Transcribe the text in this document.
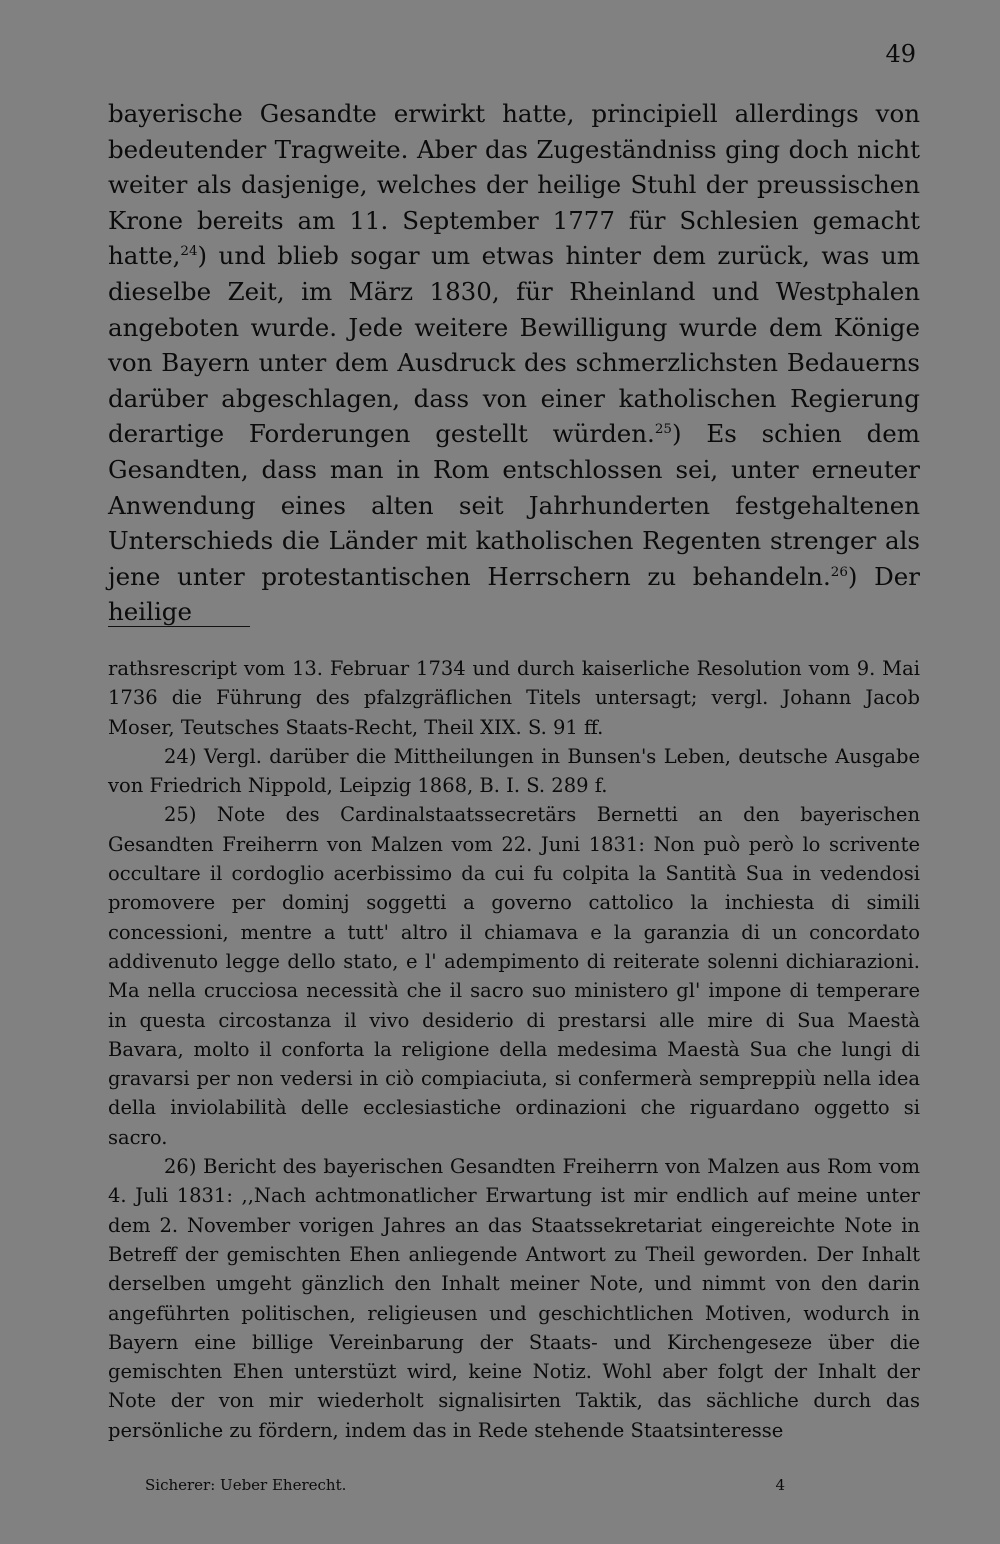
49

bayerische Gesandte erwirkt hatte, principiell allerdings von bedeutender Tragweite. Aber das Zugeständniss ging doch nicht weiter als dasjenige, welches der heilige Stuhl der preussischen Krone bereits am 11. September 1777 für Schlesien gemacht hatte,$^{24}$) und blieb sogar um etwas hinter dem zurück, was um dieselbe Zeit, im März 1830, für Rheinland und Westphalen angeboten wurde. Jede weitere Bewilligung wurde dem Könige von Bayern unter dem Ausdruck des schmerzlichsten Bedauerns darüber abgeschlagen, dass von einer katholischen Regierung derartige Forderungen gestellt würden.$^{25}$) Es schien dem Gesandten, dass man in Rom entschlossen sei, unter erneuter Anwendung eines alten seit Jahrhunderten festgehaltenen Unterschieds die Länder mit katholischen Regenten strenger als jene unter protestantischen Herrschern zu behandeln.$^{26}$) Der heilige

rathsrescript vom 13. Februar 1734 und durch kaiserliche Resolution vom 9. Mai 1736 die Führung des pfalzgräflichen Titels untersagt; vergl. Johann Jacob Moser, Teutsches Staats-Recht, Theil XIX. S. 91 ff.

24) Vergl. darüber die Mittheilungen in Bunsen's Leben, deutsche Ausgabe von Friedrich Nippold, Leipzig 1868, B. I. S. 289 f.

25) Note des Cardinalstaatssecretärs Bernetti an den bayerischen Gesandten Freiherrn von Malzen vom 22. Juni 1831: Non può però lo scrivente occultare il cordoglio acerbissimo da cui fu colpita la Santità Sua in vedendosi promovere per dominj soggetti a governo cattolico la inchiesta di simili concessioni, mentre a tutt' altro il chiamava e la garanzia di un concordato addivenuto legge dello stato, e l' adempimento di reiterate solenni dichiarazioni. Ma nella crucciosa necessità che il sacro suo ministero gl' impone di temperare in questa circostanza il vivo desiderio di prestarsi alle mire di Sua Maestà Bavara, molto il conforta la religione della medesima Maestà Sua che lungi di gravarsi per non vedersi in ciò compiaciuta, si confermerà sempreppiù nella idea della inviolabilità delle ecclesiastiche ordinazioni che riguardano oggetto si sacro.

26) Bericht des bayerischen Gesandten Freiherrn von Malzen aus Rom vom 4. Juli 1831: ,,Nach achtmonatlicher Erwartung ist mir endlich auf meine unter dem 2. November vorigen Jahres an das Staatssekretariat eingereichte Note in Betreff der gemischten Ehen anliegende Antwort zu Theil geworden. Der Inhalt derselben umgeht gänzlich den Inhalt meiner Note, und nimmt von den darin angeführten politischen, religieusen und geschichtlichen Motiven, wodurch in Bayern eine billige Vereinbarung der Staats- und Kirchengeseze über die gemischten Ehen unterstüzt wird, keine Notiz. Wohl aber folgt der Inhalt der Note der von mir wiederholt signalisirten Taktik, das sächliche durch das persönliche zu fördern, indem das in Rede stehende Staatsinteresse

Sicherer: Ueber Eherecht.	4
